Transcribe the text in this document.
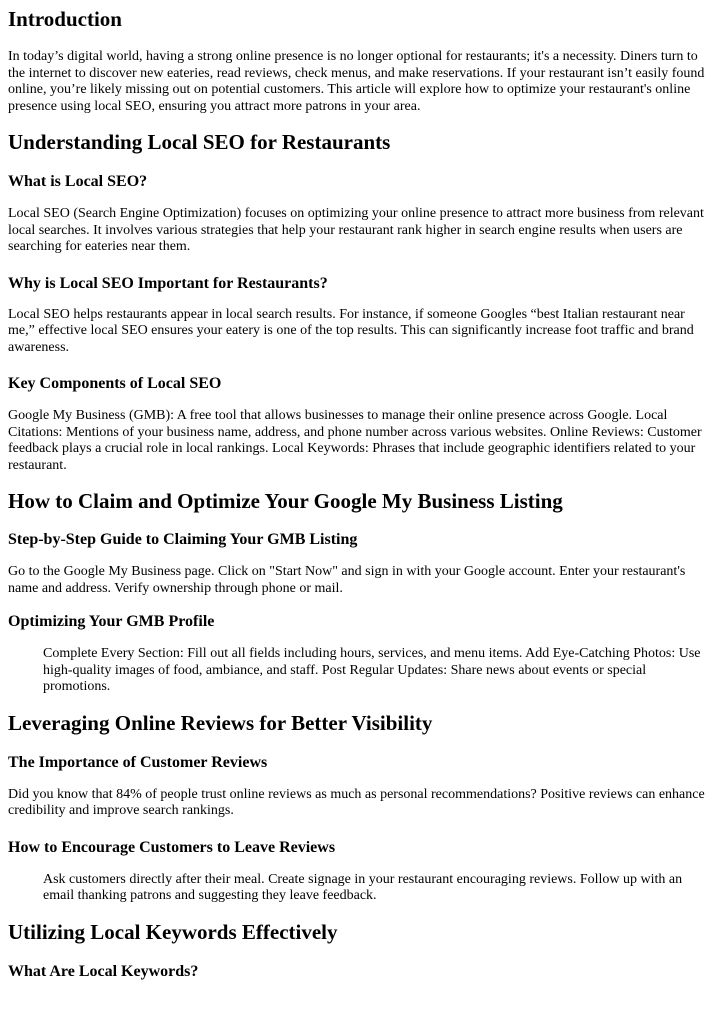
Introduction

In today’s digital world, having a strong online presence is no longer optional for restaurants; it's a necessity. Diners turn to the internet to discover new eateries, read reviews, check menus, and make reservations. If your restaurant isn’t easily found online, you’re likely missing out on potential customers. This article will explore how to optimize your restaurant's online presence using local SEO, ensuring you attract more patrons in your area.

Understanding Local SEO for Restaurants
What is Local SEO?

Local SEO (Search Engine Optimization) focuses on optimizing your online presence to attract more business from relevant local searches. It involves various strategies that help your restaurant rank higher in search engine results when users are searching for eateries near them.

Why is Local SEO Important for Restaurants?

Local SEO helps restaurants appear in local search results. For instance, if someone Googles “best Italian restaurant near me,” effective local SEO ensures your eatery is one of the top results. This can significantly increase foot traffic and brand awareness.

Key Components of Local SEO

Google My Business (GMB): A free tool that allows businesses to manage their online presence across Google. Local Citations: Mentions of your business name, address, and phone number across various websites. Online Reviews: Customer feedback plays a crucial role in local rankings. Local Keywords: Phrases that include geographic identifiers related to your restaurant.

How to Claim and Optimize Your Google My Business Listing
Step-by-Step Guide to Claiming Your GMB Listing

Go to the Google My Business page. Click on "Start Now" and sign in with your Google account. Enter your restaurant's name and address. Verify ownership through phone or mail.

Optimizing Your GMB Profile

Complete Every Section: Fill out all fields including hours, services, and menu items. Add Eye-Catching Photos: Use high-quality images of food, ambiance, and staff. Post Regular Updates: Share news about events or special promotions.

Leveraging Online Reviews for Better Visibility
The Importance of Customer Reviews

Did you know that 84% of people trust online reviews as much as personal recommendations? Positive reviews can enhance credibility and improve search rankings.

How to Encourage Customers to Leave Reviews

Ask customers directly after their meal. Create signage in your restaurant encouraging reviews. Follow up with an email thanking patrons and suggesting they leave feedback.

Utilizing Local Keywords Effectively
What Are Local Keywords?
